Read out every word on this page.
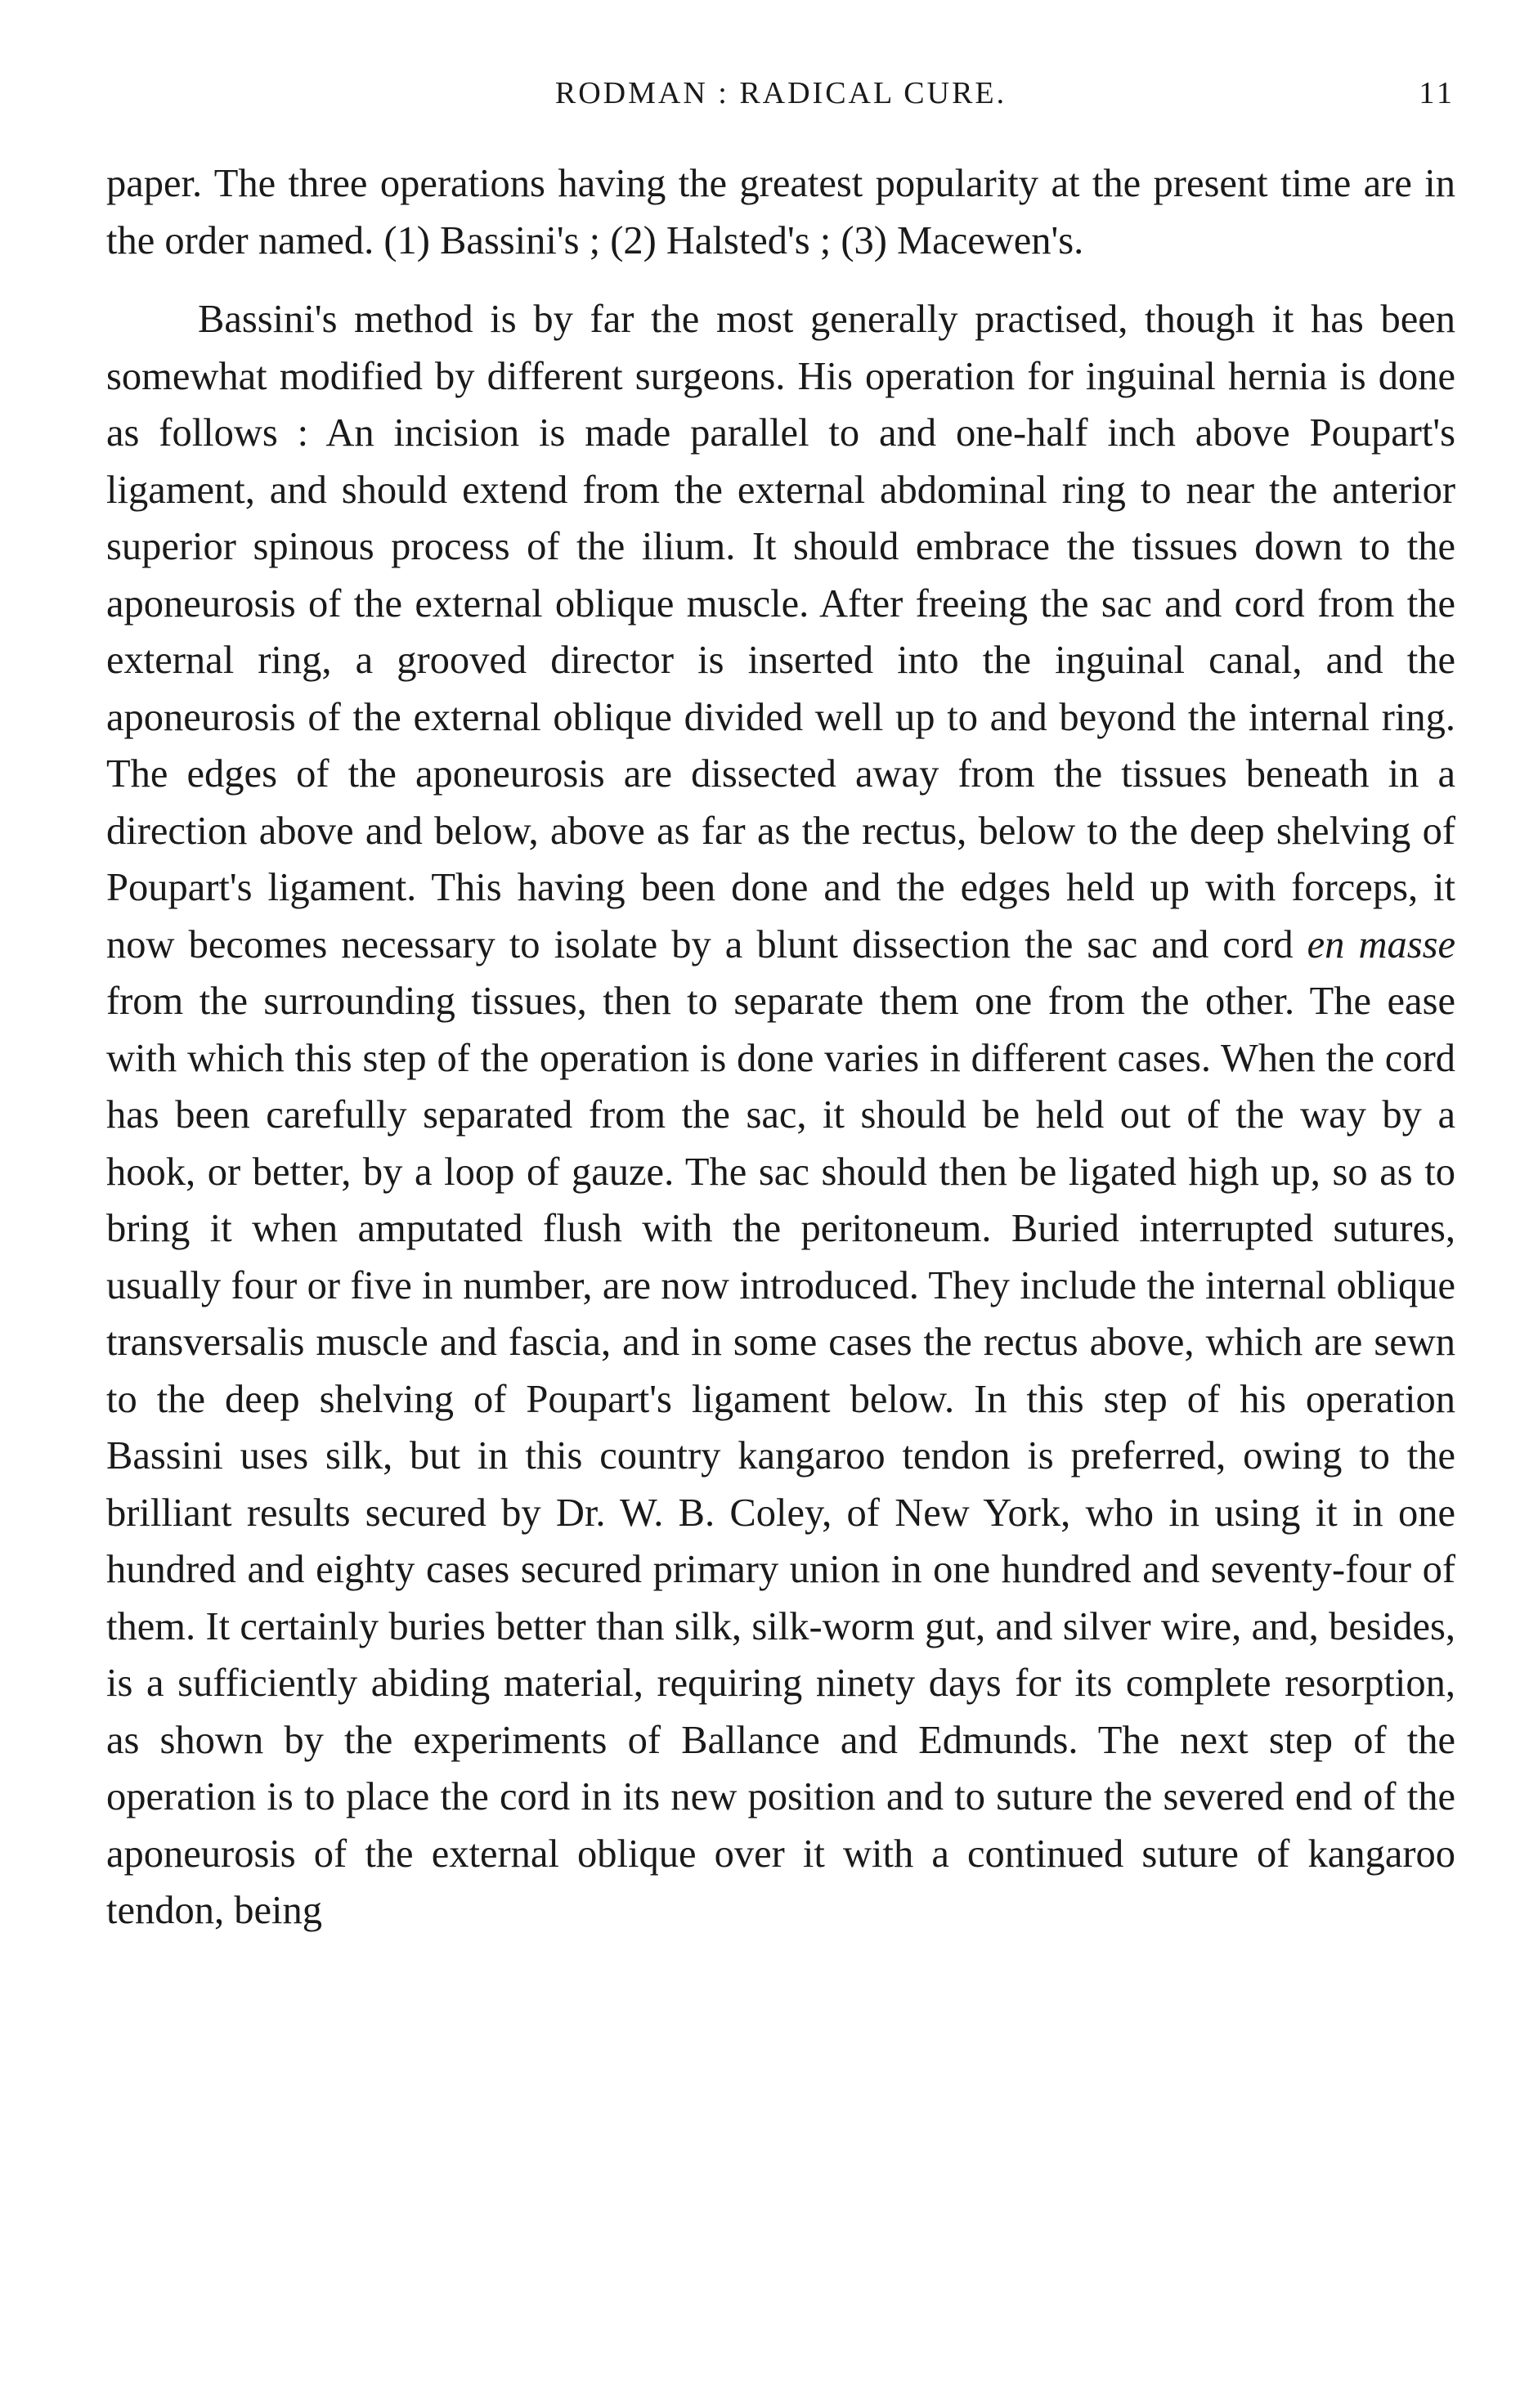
RODMAN : RADICAL CURE.	11

paper. The three operations having the greatest popularity at the present time are in the order named. (1) Bassini's ; (2) Halsted's ; (3) Macewen's.

Bassini's method is by far the most generally practised, though it has been somewhat modified by different surgeons. His operation for inguinal hernia is done as follows : An incision is made parallel to and one-half inch above Poupart's ligament, and should extend from the external abdominal ring to near the anterior superior spinous process of the ilium. It should embrace the tissues down to the aponeurosis of the external oblique muscle. After freeing the sac and cord from the external ring, a grooved director is inserted into the inguinal canal, and the aponeurosis of the external oblique divided well up to and beyond the internal ring. The edges of the aponeurosis are dissected away from the tissues beneath in a direction above and below, above as far as the rectus, below to the deep shelving of Poupart's ligament. This having been done and the edges held up with forceps, it now becomes necessary to isolate by a blunt dissection the sac and cord en masse from the surrounding tissues, then to separate them one from the other. The ease with which this step of the operation is done varies in different cases. When the cord has been carefully separated from the sac, it should be held out of the way by a hook, or better, by a loop of gauze. The sac should then be ligated high up, so as to bring it when amputated flush with the peritoneum. Buried interrupted sutures, usually four or five in number, are now introduced. They include the internal oblique transversalis muscle and fascia, and in some cases the rectus above, which are sewn to the deep shelving of Poupart's ligament below. In this step of his operation Bassini uses silk, but in this country kangaroo tendon is preferred, owing to the brilliant results secured by Dr. W. B. Coley, of New York, who in using it in one hundred and eighty cases secured primary union in one hundred and seventy-four of them. It certainly buries better than silk, silk-worm gut, and silver wire, and, besides, is a sufficiently abiding material, requiring ninety days for its complete resorption, as shown by the experiments of Ballance and Edmunds. The next step of the operation is to place the cord in its new position and to suture the severed end of the aponeurosis of the external oblique over it with a continued suture of kangaroo tendon, being
